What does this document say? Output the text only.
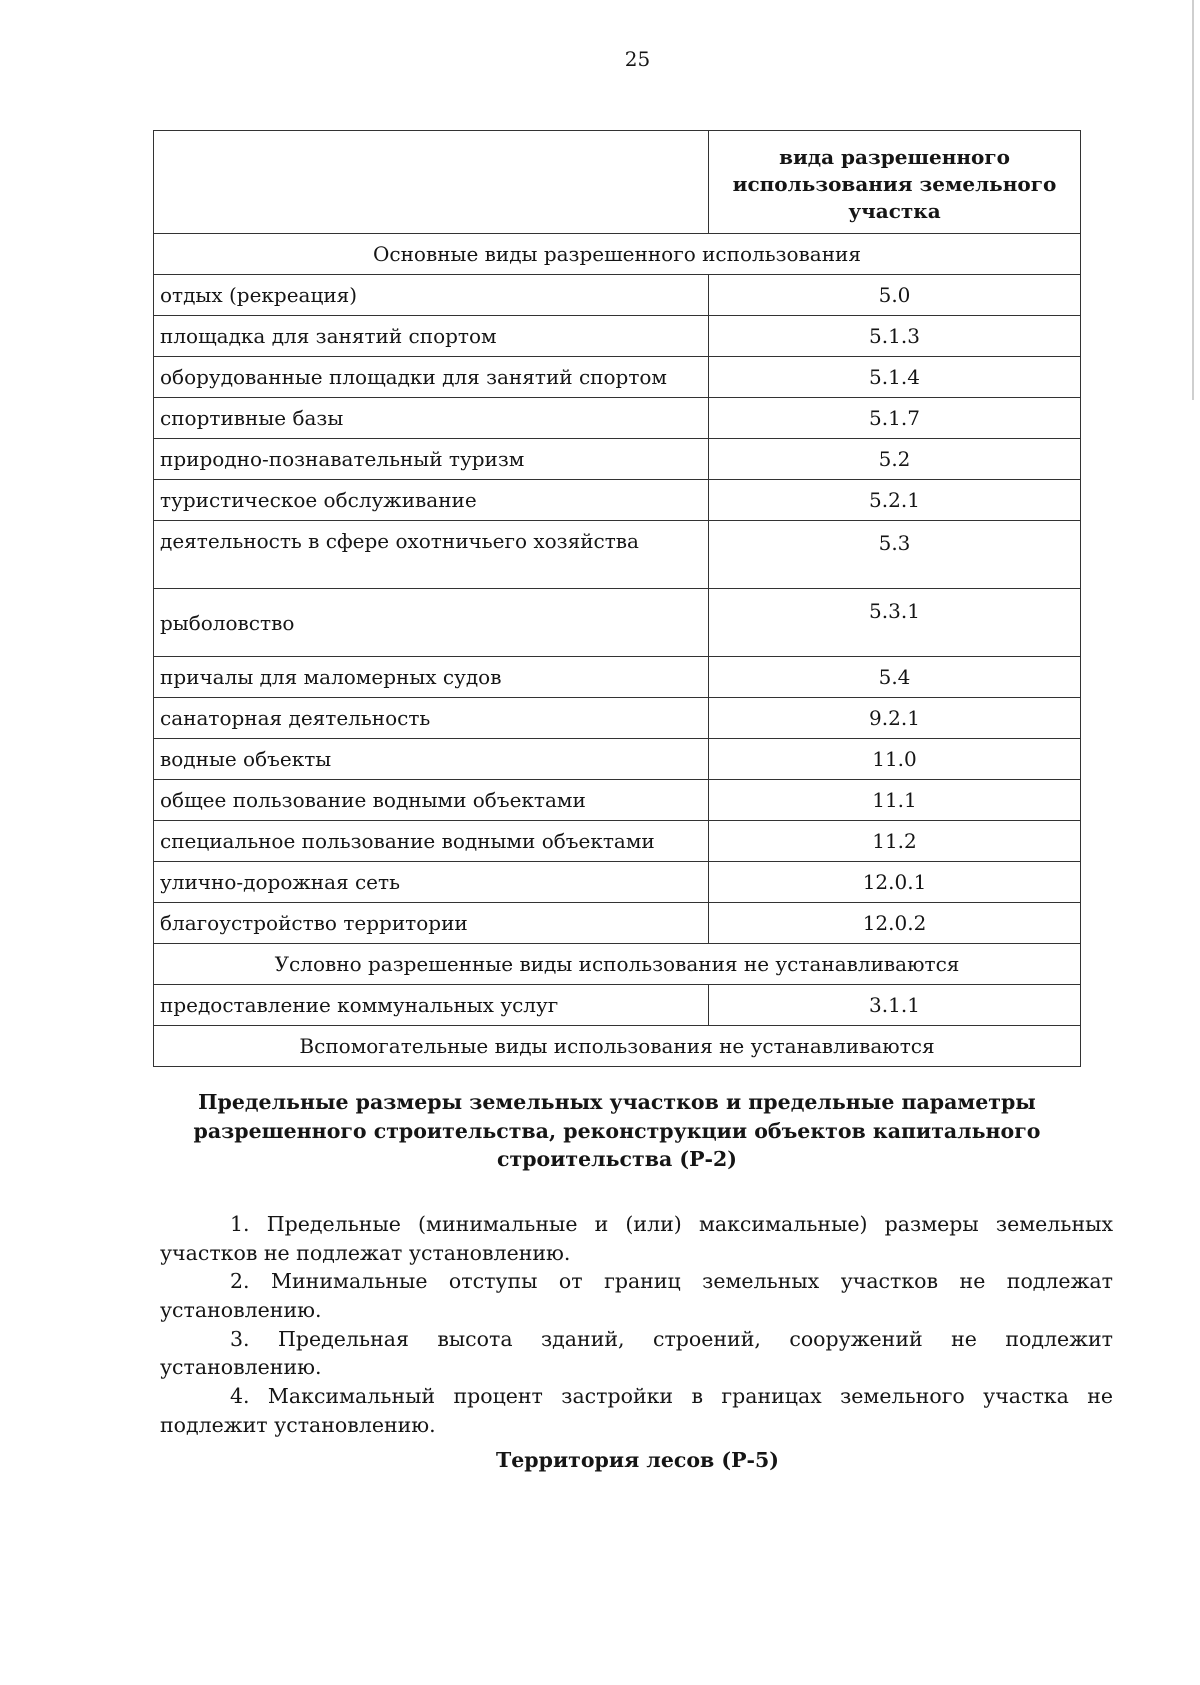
25
	вида разрешенного использования земельного участка
Основные виды разрешенного использования	
отдых (рекреация)	5.0
площадка для занятий спортом	5.1.3
оборудованные площадки для занятий спортом	5.1.4
спортивные базы	5.1.7
природно-познавательный туризм	5.2
туристическое обслуживание	5.2.1
деятельность в сфере охотничьего хозяйства	5.3
рыболовство	5.3.1
причалы для маломерных судов	5.4
санаторная деятельность	9.2.1
водные объекты	11.0
общее пользование водными объектами	11.1
специальное пользование водными объектами	11.2
улично-дорожная сеть	12.0.1
благоустройство территории	12.0.2
Условно разрешенные виды использования не устанавливаются	
предоставление коммунальных услуг	3.1.1
Вспомогательные виды использования не устанавливаются	
Предельные размеры земельных участков и предельные параметры
разрешенного строительства, реконструкции объектов капитального
строительства (Р-2)

1. Предельные (минимальные и (или) максимальные) размеры земельных участков не подлежат установлению.

2. Минимальные отступы от границ земельных участков не подлежат установлению.

3. Предельная высота зданий, строений, сооружений не подлежит установлению.

4. Максимальный процент застройки в границах земельного участка не подлежит установлению.

Территория лесов (Р-5)
